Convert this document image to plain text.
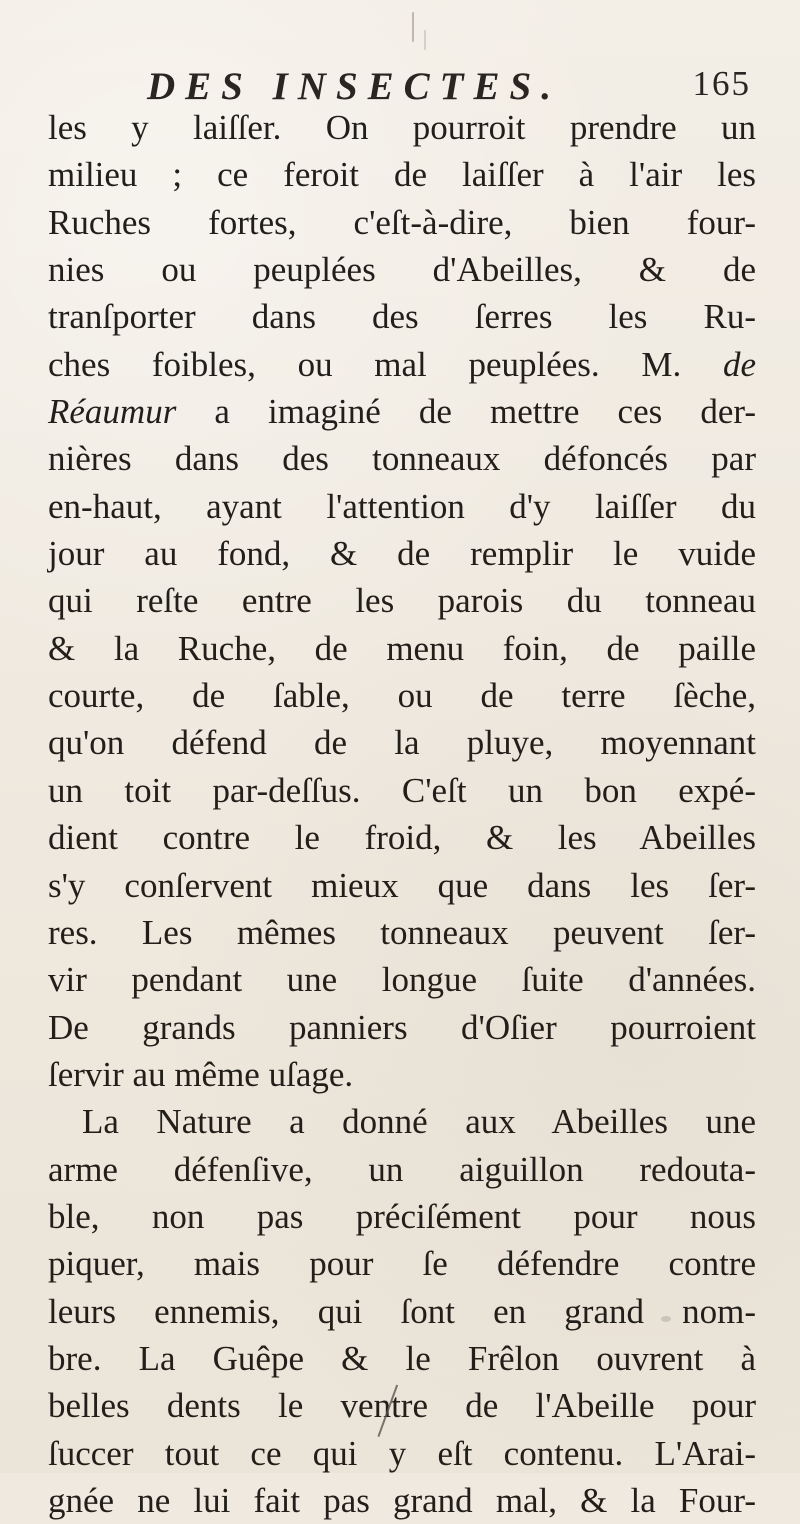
DES INSECTES.	165
les y laiſſer. On pourroit prendre un
milieu ; ce feroit de laiſſer à l'air les
Ruches fortes, c'eſt-à-dire, bien four-
nies ou peuplées d'Abeilles, & de
tranſporter dans des ſerres les Ru-
ches foibles, ou mal peuplées. M. de
Réaumur a imaginé de mettre ces der-
nières dans des tonneaux défoncés par
en-haut, ayant l'attention d'y laiſſer du
jour au fond, & de remplir le vuide
qui reſte entre les parois du tonneau
& la Ruche, de menu foin, de paille
courte, de ſable, ou de terre ſèche,
qu'on défend de la pluye, moyennant
un toit par-deſſus. C'eſt un bon expé-
dient contre le froid, & les Abeilles
s'y conſervent mieux que dans les ſer-
res. Les mêmes tonneaux peuvent ſer-
vir pendant une longue ſuite d'années.
De grands panniers d'Oſier pourroient
ſervir au même uſage.
La Nature a donné aux Abeilles une
arme défenſive, un aiguillon redouta-
ble, non pas préciſément pour nous
piquer, mais pour ſe défendre contre
leurs ennemis, qui ſont en grand nom-
bre. La Guêpe & le Frêlon ouvrent à
belles dents le ventre de l'Abeille pour
ſuccer tout ce qui y eſt contenu. L'Arai-
gnée ne lui fait pas grand mal, & la Four-
